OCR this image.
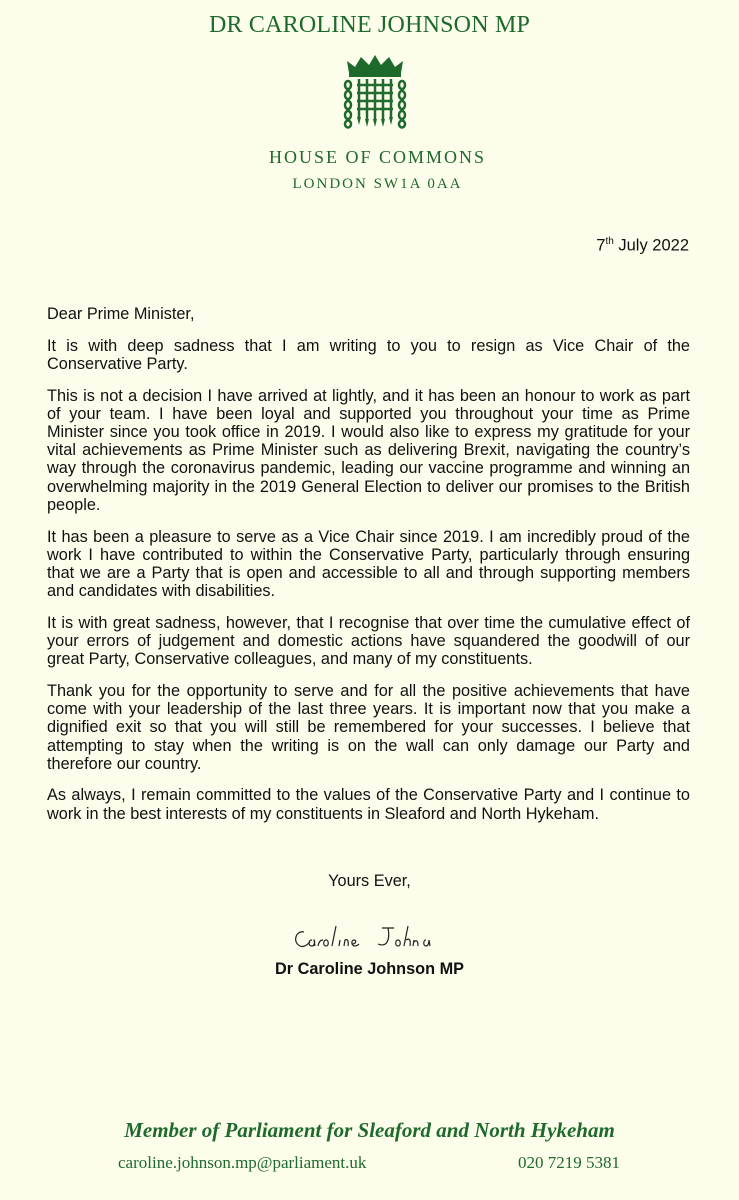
DR CAROLINE JOHNSON MP
HOUSE OF COMMONS
LONDON SW1A 0AA
7th July 2022

Dear Prime Minister,

It is with deep sadness that I am writing to you to resign as Vice Chair of the Conservative Party.

This is not a decision I have arrived at lightly, and it has been an honour to work as part of your team. I have been loyal and supported you throughout your time as Prime Minister since you took office in 2019. I would also like to express my gratitude for your vital achievements as Prime Minister such as delivering Brexit, navigating the country’s way through the coronavirus pandemic, leading our vaccine programme and winning an overwhelming majority in the 2019 General Election to deliver our promises to the British people.

It has been a pleasure to serve as a Vice Chair since 2019. I am incredibly proud of the work I have contributed to within the Conservative Party, particularly through ensuring that we are a Party that is open and accessible to all and through supporting members and candidates with disabilities.

It is with great sadness, however, that I recognise that over time the cumulative effect of your errors of judgement and domestic actions have squandered the goodwill of our great Party, Conservative colleagues, and many of my constituents.

Thank you for the opportunity to serve and for all the positive achievements that have come with your leadership of the last three years. It is important now that you make a dignified exit so that you will still be remembered for your successes. I believe that attempting to stay when the writing is on the wall can only damage our Party and therefore our country.

As always, I remain committed to the values of the Conservative Party and I continue to work in the best interests of my constituents in Sleaford and North Hykeham.

Yours Ever,
Dr Caroline Johnson MP
Member of Parliament for Sleaford and North Hykeham
caroline.johnson.mp@parliament.uk	020 7219 5381
